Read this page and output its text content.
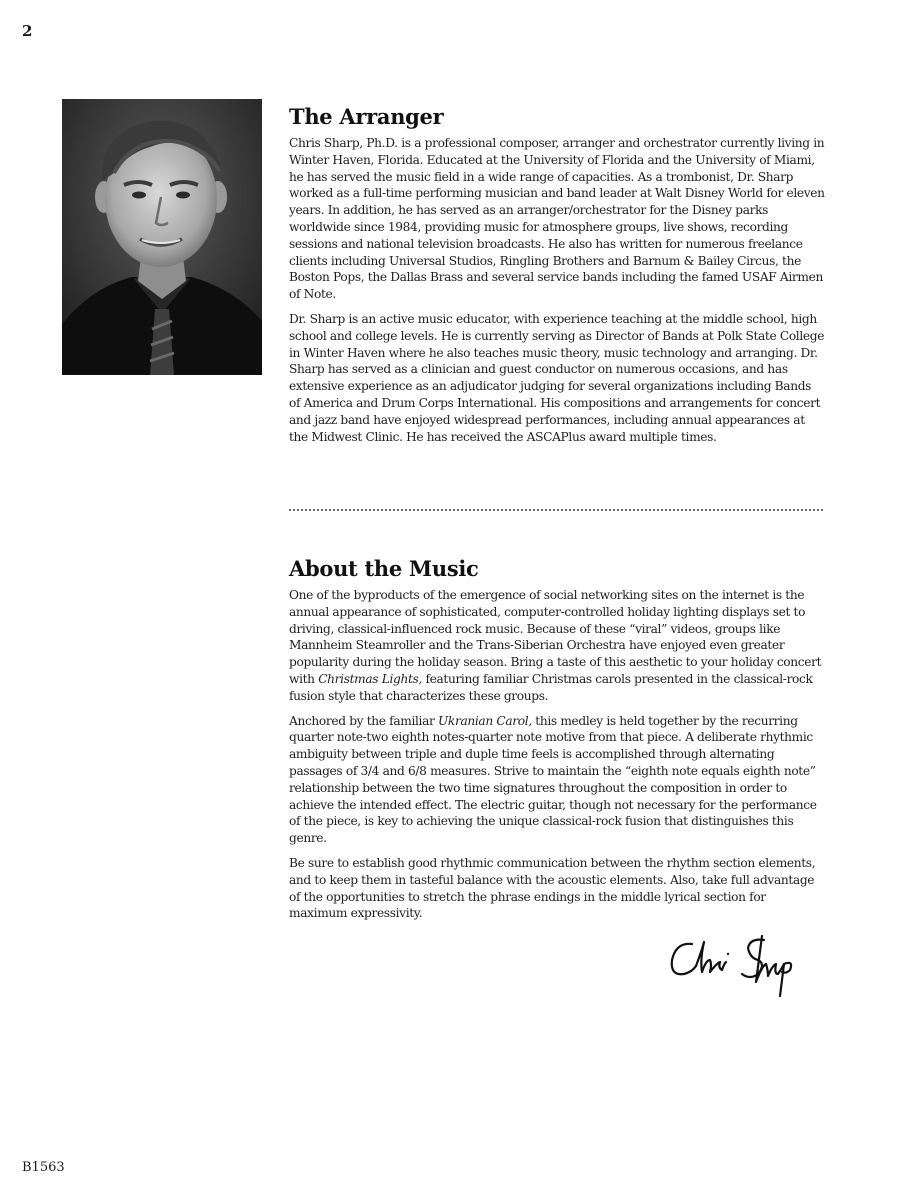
2
The Arranger

Chris Sharp, Ph.D. is a professional composer, arranger and orchestrator currently living in Winter Haven, Florida. Educated at the University of Florida and the University of Miami, he has served the music field in a wide range of capacities. As a trombonist, Dr. Sharp worked as a full-time performing musician and band leader at Walt Disney World for eleven years. In addition, he has served as an arranger/orchestrator for the Disney parks worldwide since 1984, providing music for atmosphere groups, live shows, recording sessions and national television broadcasts. He also has written for numerous freelance clients including Universal Studios, Ringling Brothers and Barnum & Bailey Circus, the Boston Pops, the Dallas Brass and several service bands including the famed USAF Airmen of Note.

Dr. Sharp is an active music educator, with experience teaching at the middle school, high school and college levels. He is currently serving as Director of Bands at Polk State College in Winter Haven where he also teaches music theory, music technology and arranging. Dr. Sharp has served as a clinician and guest conductor on numerous occasions, and has extensive experience as an adjudicator judging for several organizations including Bands of America and Drum Corps International. His compositions and arrangements for concert and jazz band have enjoyed widespread performances, including annual appearances at the Midwest Clinic. He has received the ASCAPlus award multiple times.

About the Music

One of the byproducts of the emergence of social networking sites on the internet is the annual appearance of sophisticated, computer-controlled holiday lighting displays set to driving, classical-influenced rock music. Because of these “viral” videos, groups like Mannheim Steamroller and the Trans-Siberian Orchestra have enjoyed even greater popularity during the holiday season. Bring a taste of this aesthetic to your holiday concert with Christmas Lights, featuring familiar Christmas carols presented in the classical-rock fusion style that characterizes these groups.

Anchored by the familiar Ukranian Carol, this medley is held together by the recurring quarter note-two eighth notes-quarter note motive from that piece. A deliberate rhythmic ambiguity between triple and duple time feels is accomplished through alternating passages of 3/4 and 6/8 measures. Strive to maintain the “eighth note equals eighth note” relationship between the two time signatures throughout the composition in order to achieve the intended effect. The electric guitar, though not necessary for the performance of the piece, is key to achieving the unique classical-rock fusion that distinguishes this genre.

Be sure to establish good rhythmic communication between the rhythm section elements, and to keep them in tasteful balance with the acoustic elements. Also, take full advantage of the opportunities to stretch the phrase endings in the middle lyrical section for maximum expressivity.

B1563
